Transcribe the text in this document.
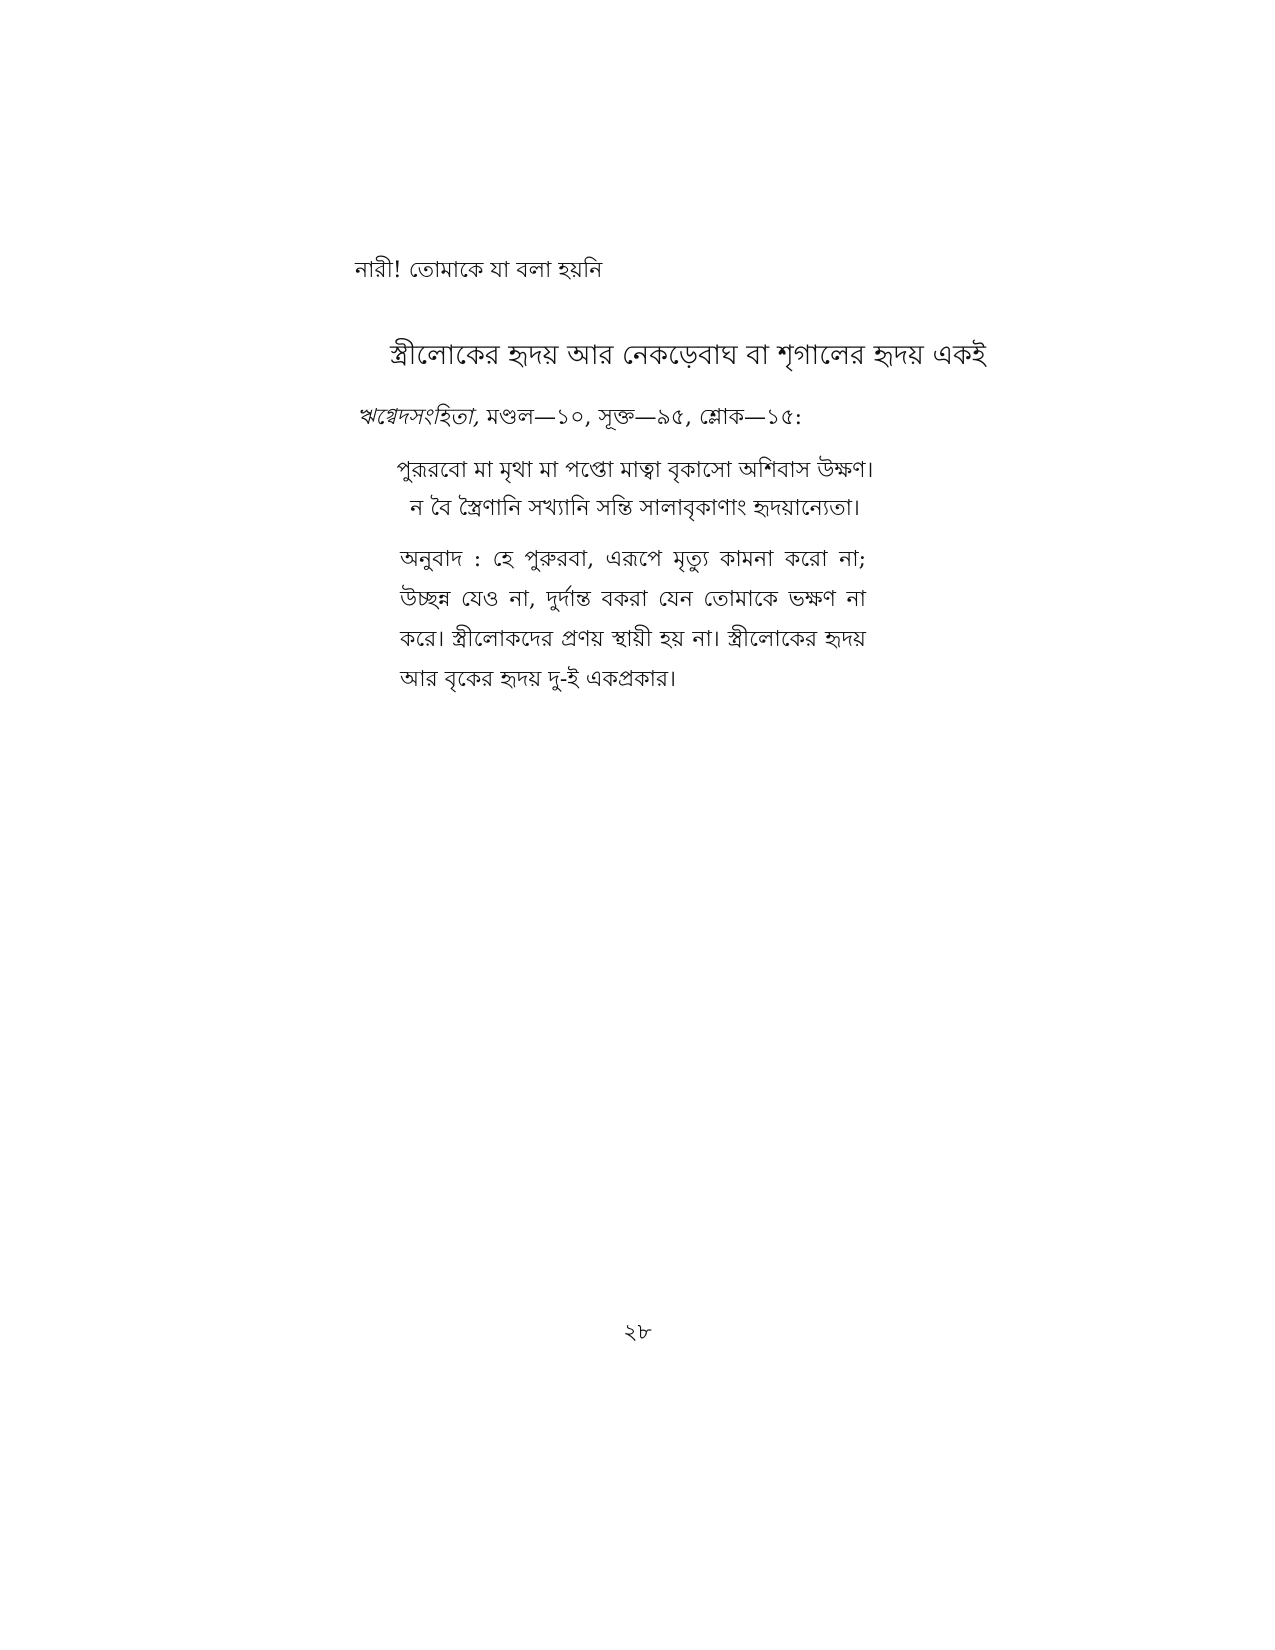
নারী! তোমাকে যা বলা হয়নি
স্ত্রীলোকের হৃদয় আর নেকড়েবাঘ বা শৃগালের হৃদয় একই
ঋগ্বেদসংহিতা, মণ্ডল—১০, সূক্ত—৯৫, শ্লোক—১৫:
পুরূরবো মা মৃথা মা পপ্তো মাত্বা বৃকাসো অশিবাস উক্ষণ।
ন বৈ স্ত্রৈণানি সখ্যানি সন্তি সালাবৃকাণাং হৃদয়ান্যেতা।
অনুবাদ : হে পুরুরবা, এরূপে মৃত্যু কামনা করো না; উচ্ছন্ন যেও না, দুর্দান্ত বকরা যেন তোমাকে ভক্ষণ না করে। স্ত্রীলোকদের প্রণয় স্থায়ী হয় না। স্ত্রীলোকের হৃদয় আর বৃকের হৃদয় দু-ই একপ্রকার।
২৮
